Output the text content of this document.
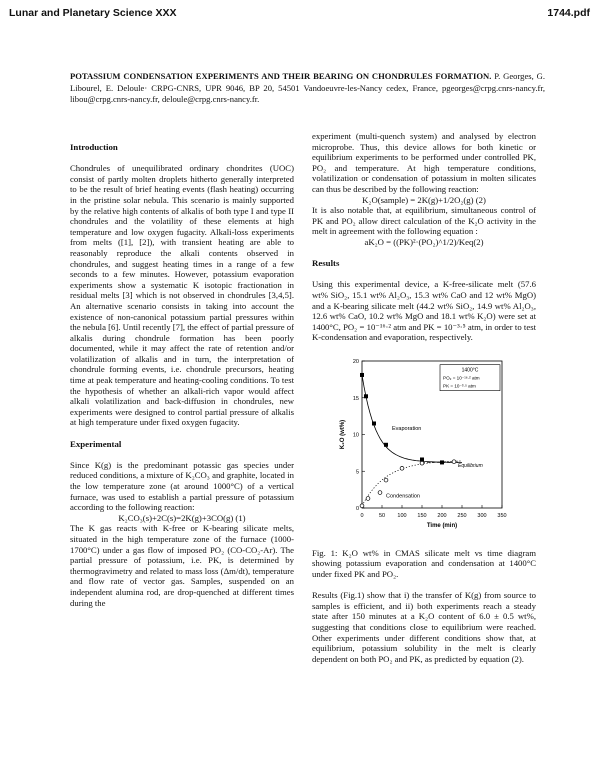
Lunar and Planetary Science XXX	1744.pdf
POTASSIUM CONDENSATION EXPERIMENTS AND THEIR BEARING ON CHONDRULES FORMATION. P. Georges, G. Libourel, E. Deloule· CRPG-CNRS, UPR 9046, BP 20, 54501 Vandoeuvre-les-Nancy cedex, France, pgeorges@crpg.cnrs-nancy.fr, libou@crpg.cnrs-nancy.fr, deloule@crpg.cnrs-nancy.fr.
Introduction

Chondrules of unequilibrated ordinary chondrites (UOC) consist of partly molten droplets hitherto generally interpreted to be the result of brief heating events (flash heating) occurring in the pristine solar nebula. This scenario is mainly supported by the relative high contents of alkalis of both type I and type II chondrules and the volatility of these elements at high temperature and low oxygen fugacity. Alkali-loss experiments from melts ([1], [2]), with transient heating are able to reasonably reproduce the alkali contents observed in chondrules, and suggest heating times in a range of a few seconds to a few minutes. However, potassium evaporation experiments show a systematic K isotopic fractionation in residual melts [3] which is not observed in chondrules [3,4,5]. An alternative scenario consists in taking into account the existence of non-canonical potassium partial pressures within the nebula [6]. Until recently [7], the effect of partial pressure of alkalis during chondrule formation has been poorly documented, while it may affect the rate of retention and/or volatilization of alkalis and in turn, the interpretation of chondrule forming events, i.e. chondrule precursors, heating time at peak temperature and heating-cooling conditions. To test the hypothesis of whether an alkali-rich vapor would affect alkali volatilization and back-diffusion in chondrules, new experiments were designed to control partial pressure of alkalis at high temperature under fixed oxygen fugacity.

Experimental

Since K(g) is the predominant potassic gas species under reduced conditions, a mixture of K₂CO₃ and graphite, located in the low temperature zone (at around 1000°C) of a vertical furnace, was used to establish a partial pressure of potassium according to the following reaction:

K₂CO₃(s)+2C(s)=2K(g)+3CO(g) (1)

The K gas reacts with K-free or K-bearing silicate melts, situated in the high temperature zone of the furnace (1000-1700°C) under a gas flow of imposed PO₂ (CO-CO₂-Ar). The partial pressure of potassium, i.e. PK, is determined by thermogravimetry and related to mass loss (Δm/dt), temperature and flow rate of vector gas. Samples, suspended on an independent alumina rod, are drop-quenched at different times during the

experiment (multi-quench system) and analysed by electron microprobe. Thus, this device allows for both kinetic or equilibrium experiments to be performed under controlled PK, PO₂ and temperature. At high temperature conditions, volatilization or condensation of potassium in molten silicates can thus be described by the following reaction:

K₂O(sample) = 2K(g)+1/2O₂(g) (2)

It is also notable that, at equilibrium, simultaneous control of PK and PO₂ allow direct calculation of the K₂O activity in the melt in agreement with the following equation :

aK₂O = ((PK)²·(PO₂)^1/2)/Keq(2)

Results

Using this experimental device, a K-free-silicate melt (57.6 wt% SiO₂, 15.1 wt% Al₂O₃, 15.3 wt% CaO and 12 wt% MgO) and a K-bearing silicate melt (44.2 wt% SiO₂, 14.9 wt% Al₂O₃, 12.6 wt% CaO, 10.2 wt% MgO and 18.1 wt% K₂O) were set at 1400°C, PO₂ = 10⁻¹⁶·² atm and PK = 10⁻³·⁵ atm, in order to test K-condensation and evaporation, respectively.

0	50 100 150 200 250 300 350
0
5
10
15
20
Time (min)
K₂O (wt%)
1400°C
PO₂ = 10⁻¹⁶·² atm
PK = 10⁻³·⁵ atm
Evaporation
Condensation
Equilibrium

Fig. 1: K₂O wt% in CMAS silicate melt vs time diagram showing potassium evaporation and condensation at 1400°C under fixed PK and PO₂.

Results (Fig.1) show that i) the transfer of K(g) from source to samples is efficient, and ii) both experiments reach a steady state after 150 minutes at a K₂O content of 6.0 ± 0.5 wt%, suggesting that conditions close to equilibrium were reached. Other experiments under different conditions show that, at equilibrium, potassium solubility in the melt is clearly dependent on both PO₂ and PK, as predicted by equation (2).
